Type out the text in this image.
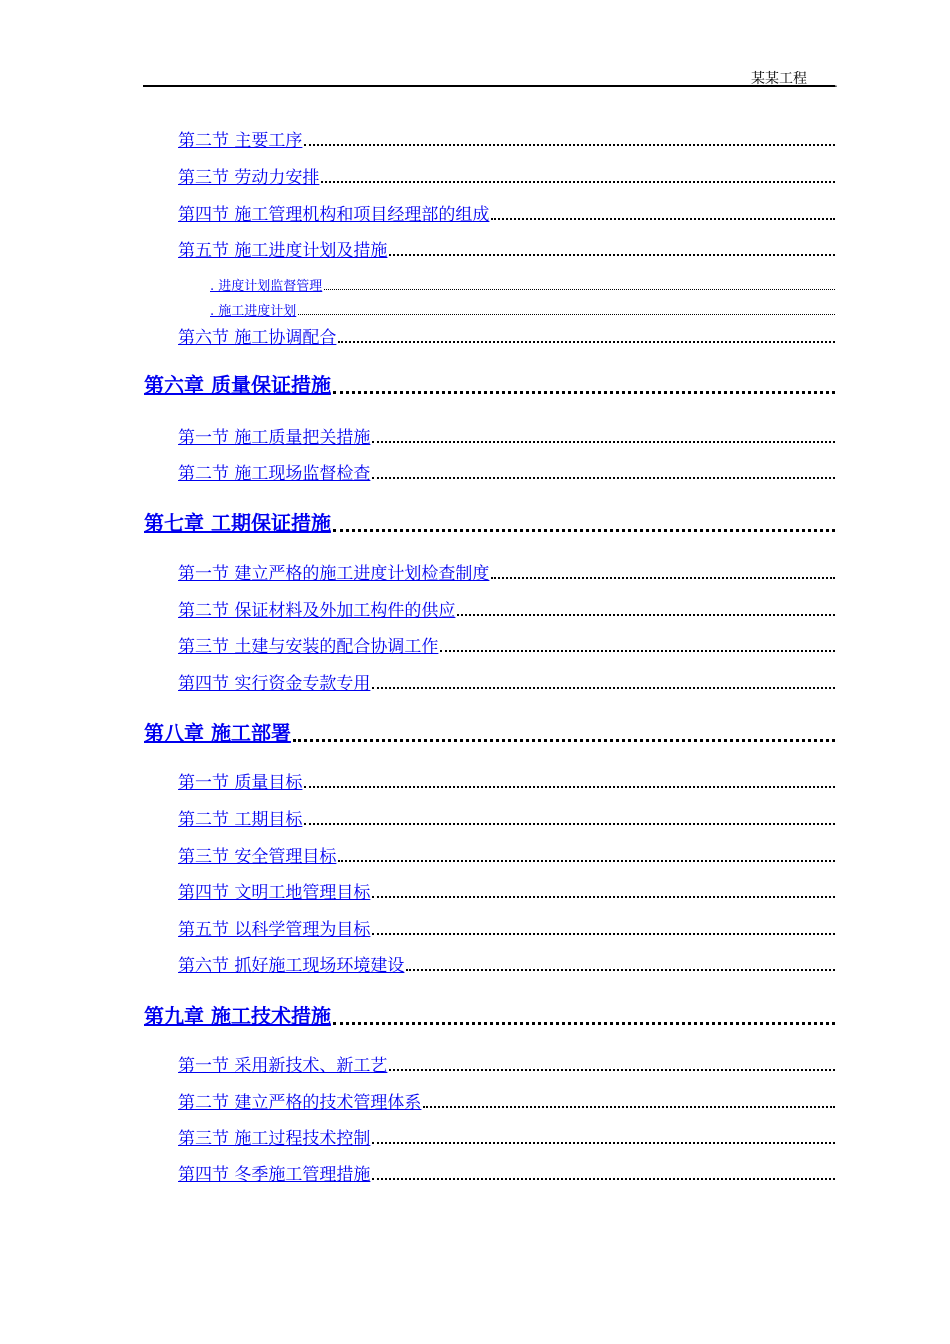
某某工程 .
第二节 主要工序
第三节 劳动力安排
第四节 施工管理机构和项目经理部的组成
第五节 施工进度计划及措施
. 进度计划监督管理
. 施工进度计划
第六节 施工协调配合
第六章 质量保证措施
第一节 施工质量把关措施
第二节 施工现场监督检查
第七章 工期保证措施
第一节 建立严格的施工进度计划检查制度
第二节 保证材料及外加工构件的供应
第三节 土建与安装的配合协调工作
第四节 实行资金专款专用
第八章 施工部署
第一节 质量目标
第二节 工期目标
第三节 安全管理目标
第四节 文明工地管理目标
第五节 以科学管理为目标
第六节 抓好施工现场环境建设
第九章 施工技术措施
第一节 采用新技术、新工艺
第二节 建立严格的技术管理体系
第三节 施工过程技术控制
第四节 冬季施工管理措施
